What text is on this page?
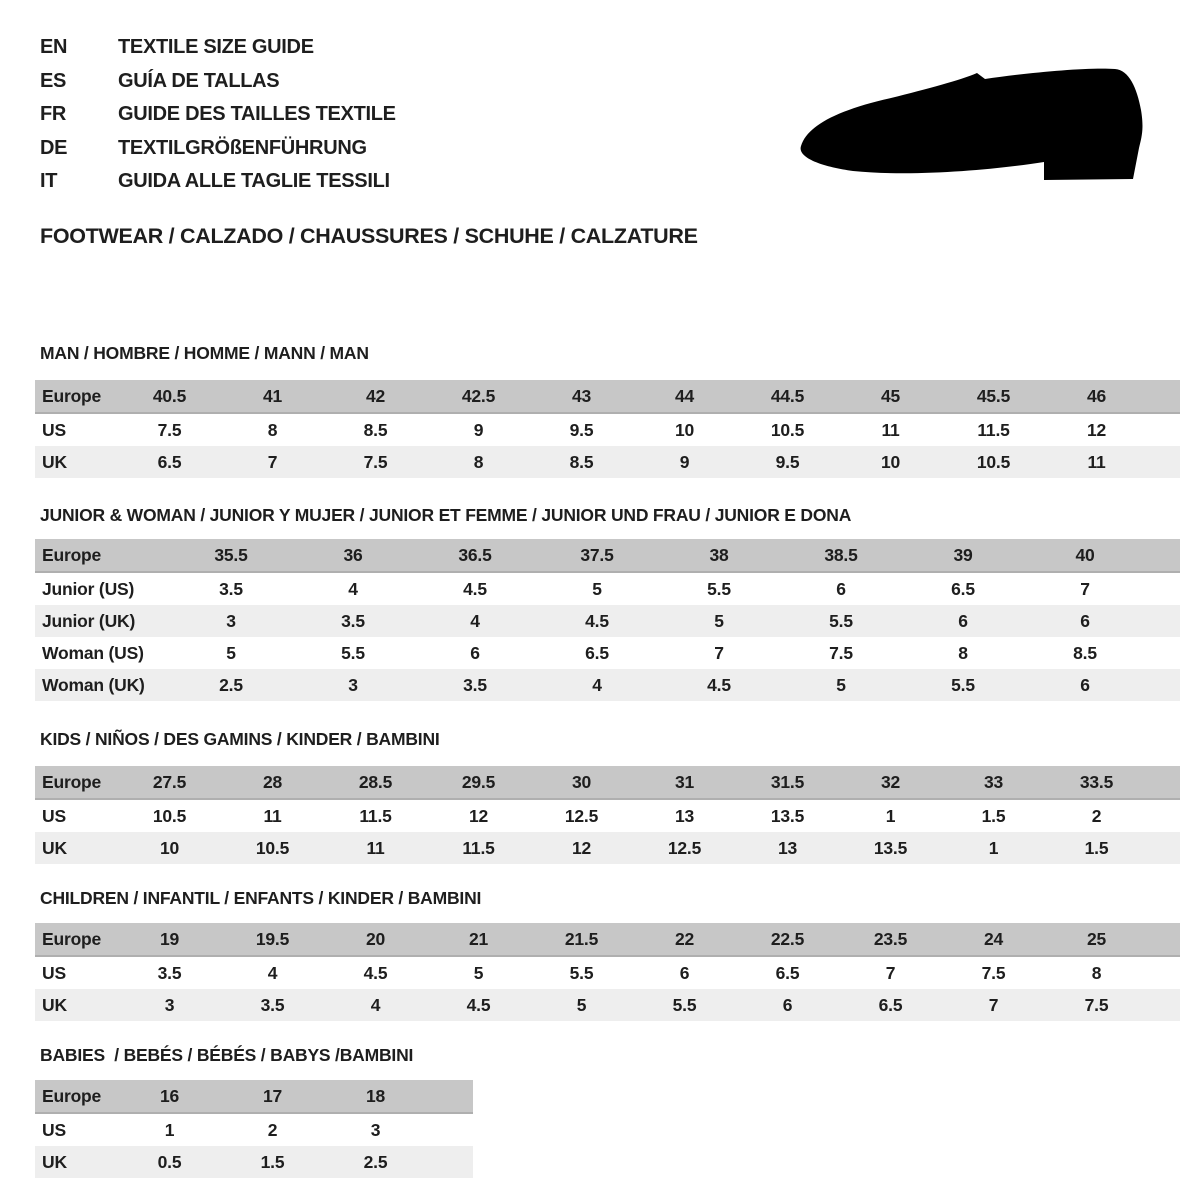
EN	TEXTILE SIZE GUIDE
ES	GUÍA DE TALLAS
FR	GUIDE DES TAILLES TEXTILE
DE	TEXTILGRÖßENFÜHRUNG
IT	GUIDA ALLE TAGLIE TESSILI
FOOTWEAR / CALZADO / CHAUSSURES / SCHUHE / CALZATURE
MAN / HOMBRE / HOMME / MANN / MAN
Europe	40.5	41	42	42.5	43	44	44.5	45	45.5	46	
US	7.5	8	8.5	9	9.5	10	10.5	11	11.5	12	
UK	6.5	7	7.5	8	8.5	9	9.5	10	10.5	11	
JUNIOR & WOMAN / JUNIOR Y MUJER / JUNIOR ET FEMME / JUNIOR UND FRAU / JUNIOR E DONA
Europe	35.5	36	36.5	37.5	38	38.5	39	40	
Junior (US)	3.5	4	4.5	5	5.5	6	6.5	7	
Junior (UK)	3	3.5	4	4.5	5	5.5	6	6	
Woman (US)	5	5.5	6	6.5	7	7.5	8	8.5	
Woman (UK)	2.5	3	3.5	4	4.5	5	5.5	6	
KIDS / NIÑOS / DES GAMINS / KINDER / BAMBINI
Europe	27.5	28	28.5	29.5	30	31	31.5	32	33	33.5	
US	10.5	11	11.5	12	12.5	13	13.5	1	1.5	2	
UK	10	10.5	11	11.5	12	12.5	13	13.5	1	1.5	
CHILDREN / INFANTIL / ENFANTS / KINDER / BAMBINI
Europe	19	19.5	20	21	21.5	22	22.5	23.5	24	25	
US	3.5	4	4.5	5	5.5	6	6.5	7	7.5	8	
UK	3	3.5	4	4.5	5	5.5	6	6.5	7	7.5	
BABIES  / BEBÉS / BÉBÉS / BABYS /BAMBINI
Europe	16	17	18	
US	1	2	3	
UK	0.5	1.5	2.5	
